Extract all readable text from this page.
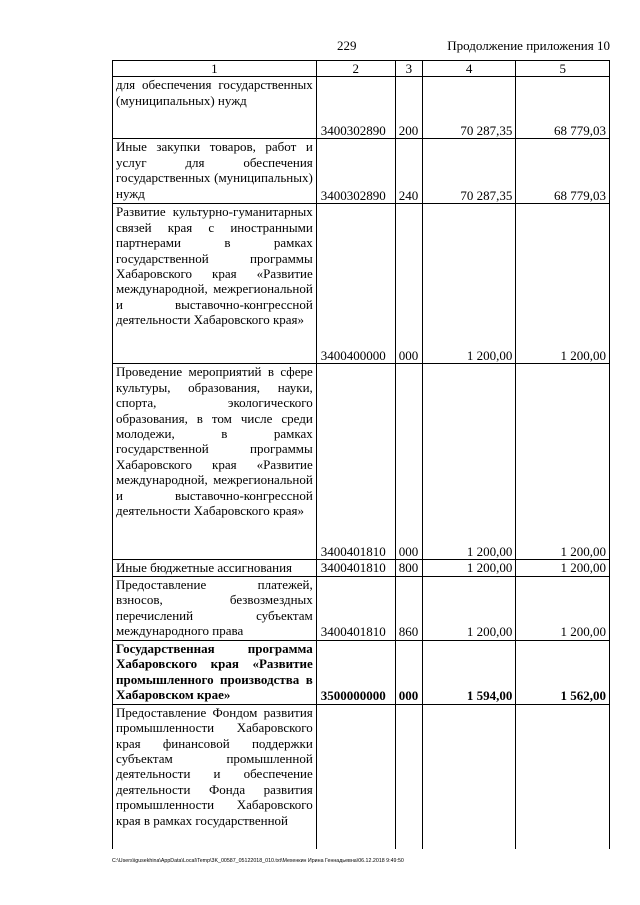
229	Продолжение приложения 10
1	2	3	4	5
для обеспечения государственных (муниципальных) нужд	3400302890	200	70 287,35	68 779,03
Иные закупки товаров, работ и услуг для обеспечения государственных (муниципальных) нужд	3400302890	240	70 287,35	68 779,03
Развитие культурно-гуманитарных связей края с иностранными партнерами в рамках государственной программы Хабаровского края «Развитие международной, межрегиональной и выставочно-конгрессной деятельности Хабаровского края»	3400400000	000	1 200,00	1 200,00
Проведение мероприятий в сфере культуры, образования, науки, спорта, экологического образования, в том числе среди молодежи, в рамках государственной программы Хабаровского края «Развитие международной, межрегиональной и выставочно-конгрессной деятельности Хабаровского края»	3400401810	000	1 200,00	1 200,00
Иные бюджетные ассигнования	3400401810	800	1 200,00	1 200,00
Предоставление платежей, взносов, безвозмездных перечислений субъектам международного права	3400401810	860	1 200,00	1 200,00
Государственная программа Хабаровского края «Развитие промышленного производства в Хабаровском крае»	3500000000	000	1 594,00	1 562,00
Предоставление Фондом развития промышленности Хабаровского края финансовой поддержки субъектам промышленной деятельности и обеспечение деятельности Фонда развития промышленности Хабаровского края в рамках государственной				
C:\Users\igusekhina\AppData\Local\Temp\3K_00587_05122018_010.txt\Мехенкин Ирина Геннадьевна\06.12.2018 9:49:50
